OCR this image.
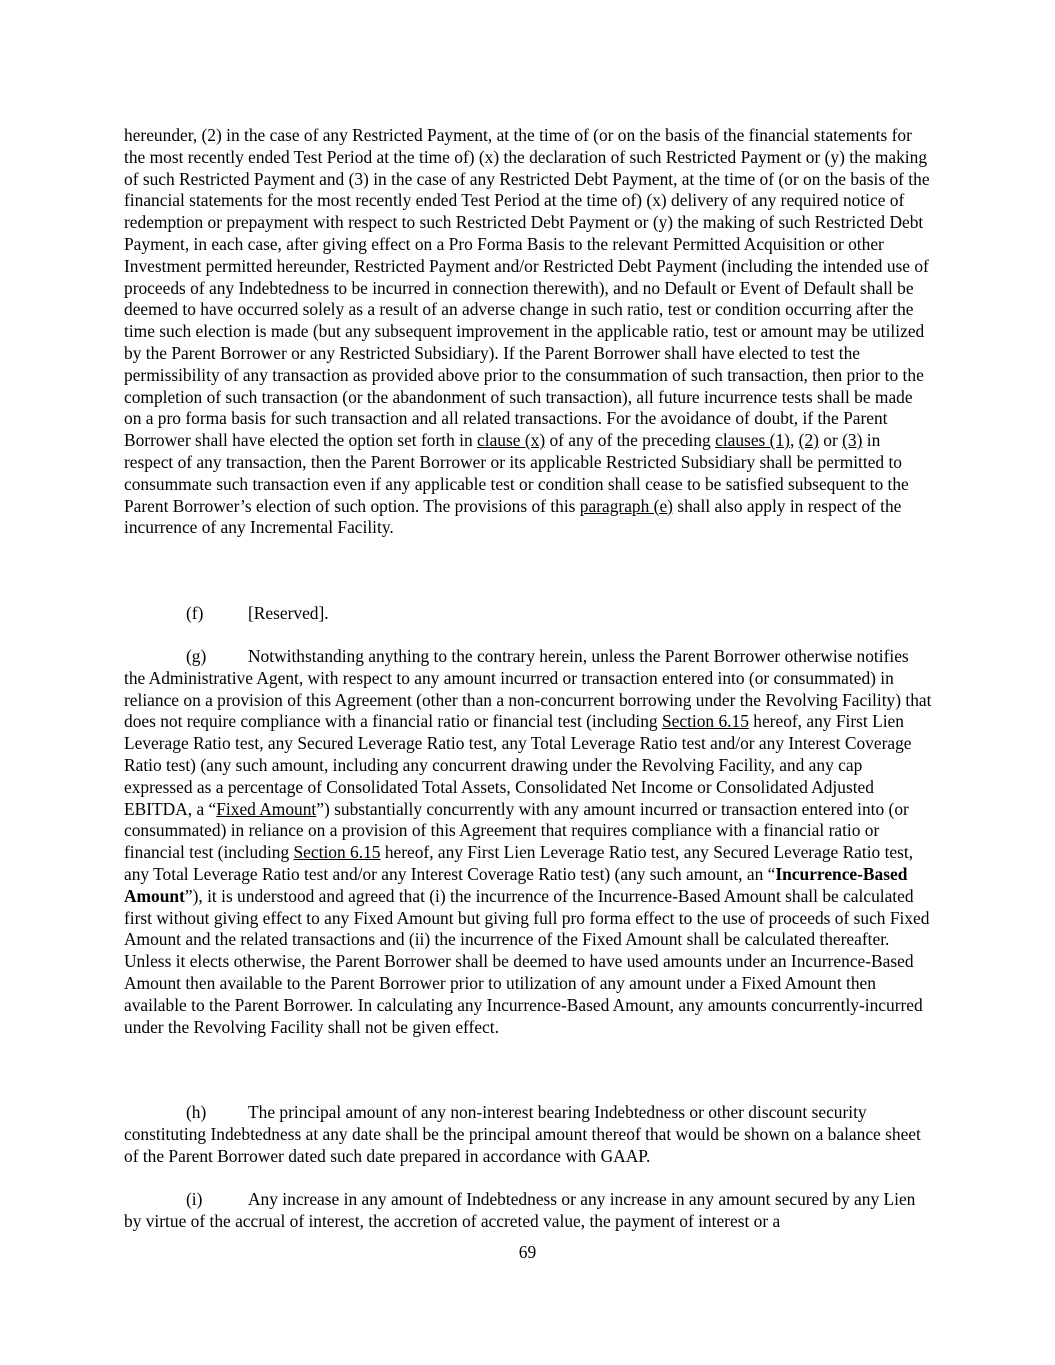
hereunder, (2) in the case of any Restricted Payment, at the time of (or on the basis of the financial statements for the most recently ended Test Period at the time of) (x) the declaration of such Restricted Payment or (y) the making of such Restricted Payment and (3) in the case of any Restricted Debt Payment, at the time of (or on the basis of the financial statements for the most recently ended Test Period at the time of) (x) delivery of any required notice of redemption or prepayment with respect to such Restricted Debt Payment or (y) the making of such Restricted Debt Payment, in each case, after giving effect on a Pro Forma Basis to the relevant Permitted Acquisition or other Investment permitted hereunder, Restricted Payment and/or Restricted Debt Payment (including the intended use of proceeds of any Indebtedness to be incurred in connection therewith), and no Default or Event of Default shall be deemed to have occurred solely as a result of an adverse change in such ratio, test or condition occurring after the time such election is made (but any subsequent improvement in the applicable ratio, test or amount may be utilized by the Parent Borrower or any Restricted Subsidiary). If the Parent Borrower shall have elected to test the permissibility of any transaction as provided above prior to the consummation of such transaction, then prior to the completion of such transaction (or the abandonment of such transaction), all future incurrence tests shall be made on a pro forma basis for such transaction and all related transactions. For the avoidance of doubt, if the Parent Borrower shall have elected the option set forth in clause (x) of any of the preceding clauses (1), (2) or (3) in respect of any transaction, then the Parent Borrower or its applicable Restricted Subsidiary shall be permitted to consummate such transaction even if any applicable test or condition shall cease to be satisfied subsequent to the Parent Borrower’s election of such option. The provisions of this paragraph (e) shall also apply in respect of the incurrence of any Incremental Facility.

(f)	[Reserved].

(g) Notwithstanding anything to the contrary herein, unless the Parent Borrower otherwise notifies the Administrative Agent, with respect to any amount incurred or transaction entered into (or consummated) in reliance on a provision of this Agreement (other than a non-concurrent borrowing under the Revolving Facility) that does not require compliance with a financial ratio or financial test (including Section 6.15 hereof, any First Lien Leverage Ratio test, any Secured Leverage Ratio test, any Total Leverage Ratio test and/or any Interest Coverage Ratio test) (any such amount, including any concurrent drawing under the Revolving Facility, and any cap expressed as a percentage of Consolidated Total Assets, Consolidated Net Income or Consolidated Adjusted EBITDA, a “Fixed Amount”) substantially concurrently with any amount incurred or transaction entered into (or consummated) in reliance on a provision of this Agreement that requires compliance with a financial ratio or financial test (including Section 6.15 hereof, any First Lien Leverage Ratio test, any Secured Leverage Ratio test, any Total Leverage Ratio test and/or any Interest Coverage Ratio test) (any such amount, an “Incurrence-Based Amount”), it is understood and agreed that (i) the incurrence of the Incurrence-Based Amount shall be calculated first without giving effect to any Fixed Amount but giving full pro forma effect to the use of proceeds of such Fixed Amount and the related transactions and (ii) the incurrence of the Fixed Amount shall be calculated thereafter. Unless it elects otherwise, the Parent Borrower shall be deemed to have used amounts under an Incurrence-Based Amount then available to the Parent Borrower prior to utilization of any amount under a Fixed Amount then available to the Parent Borrower. In calculating any Incurrence-Based Amount, any amounts concurrently-incurred under the Revolving Facility shall not be given effect.

(h) The principal amount of any non-interest bearing Indebtedness or other discount security constituting Indebtedness at any date shall be the principal amount thereof that would be shown on a balance sheet of the Parent Borrower dated such date prepared in accordance with GAAP.

(i)	Any increase in any amount of Indebtedness or any increase in any amount secured by any Lien by virtue of the accrual of interest, the accretion of accreted value, the payment of interest or a

69
